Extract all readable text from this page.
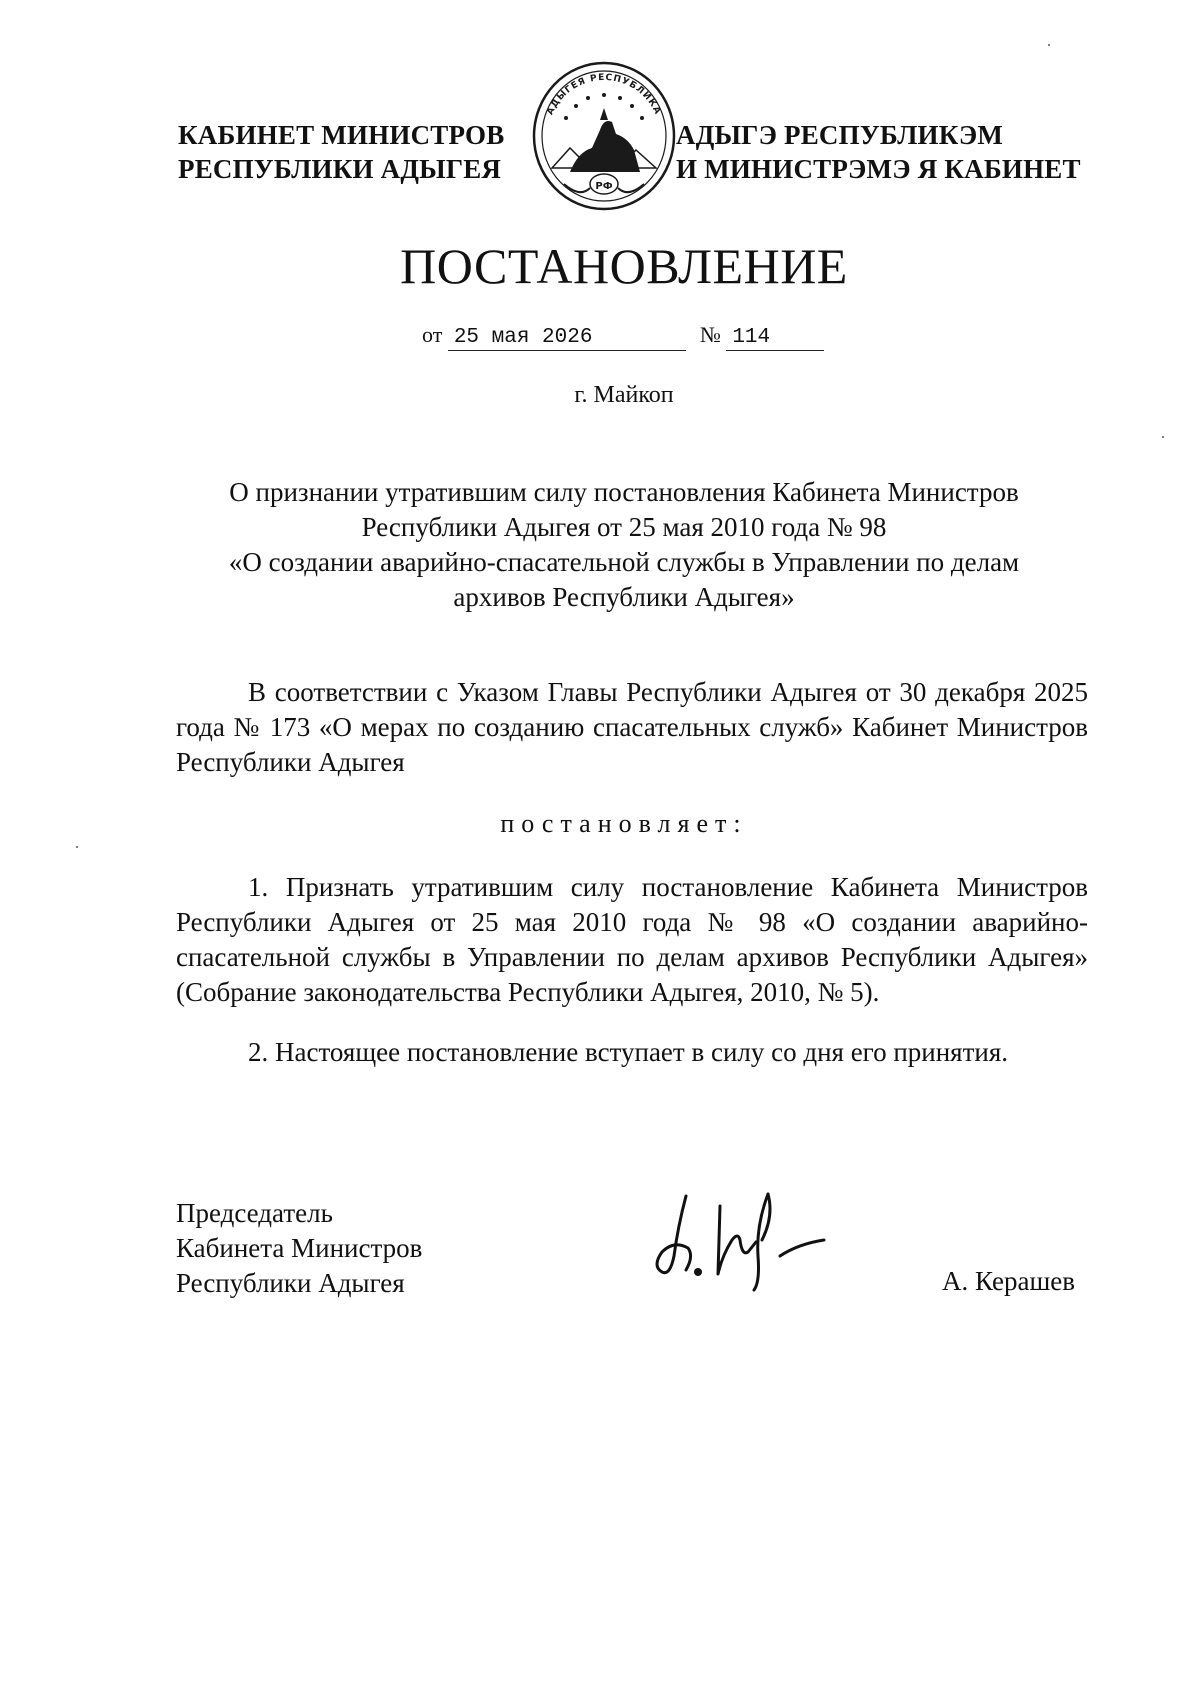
КАБИНЕТ МИНИСТРОВ
РЕСПУБЛИКИ АДЫГЕЯ
АДЫГЕЯ РЕСПУБЛИКА
РФ
АДЫГЭ РЕСПУБЛИКЭМ
И МИНИСТРЭМЭ Я КАБИНЕТ
ПОСТАНОВЛЕНИЕ
от 25 мая 2026	№ 114
г. Майкоп
О признании утратившим силу постановления Кабинета Министров
Республики Адыгея от 25 мая 2010 года № 98
«О создании аварийно-спасательной службы в Управлении по делам
архивов Республики Адыгея»
В соответствии с Указом Главы Республики Адыгея от 30 декабря 2025 года № 173 «О мерах по созданию спасательных служб» Кабинет Министров Республики Адыгея
постановляет:
1. Признать утратившим силу постановление Кабинета Министров Республики Адыгея от 25 мая 2010 года № 98 «О создании аварийно-спасательной службы в Управлении по делам архивов Республики Адыгея» (Собрание законодательства Республики Адыгея, 2010, № 5).
2. Настоящее постановление вступает в силу со дня его принятия.
Председатель
Кабинета Министров
Республики Адыгея	А. Керашев
